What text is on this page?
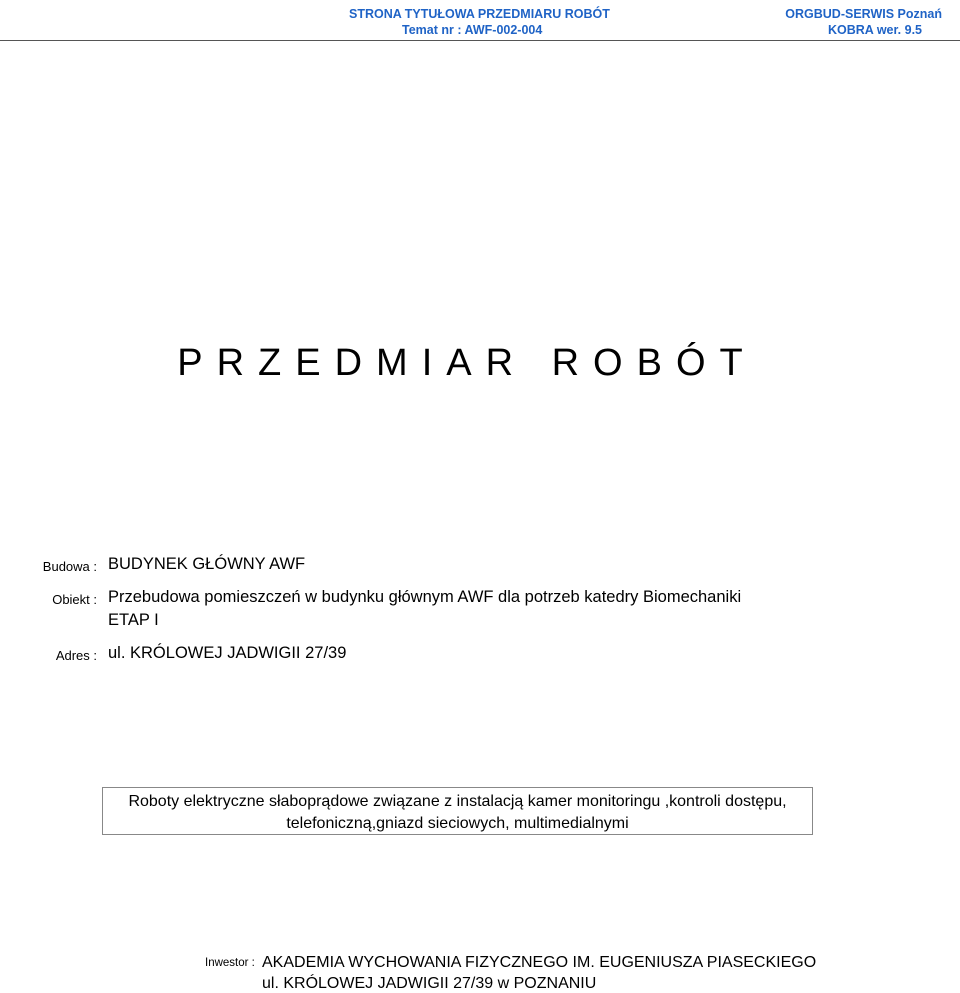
STRONA TYTUŁOWA PRZEDMIARU ROBÓT
Temat nr : AWF-002-004
ORGBUD-SERWIS Poznań
KOBRA wer. 9.5
PRZEDMIAR ROBÓT
Budowa : BUDYNEK GŁÓWNY AWF
Obiekt : Przebudowa pomieszczeń w budynku głównym AWF dla potrzeb katedry Biomechaniki
ETAP I
Adres : ul. KRÓLOWEJ JADWIGII 27/39
Roboty elektryczne słaboprądowe związane z instalacją kamer monitoringu ,kontroli dostępu,
telefoniczną,gniazd sieciowych, multimedialnymi
Inwestor : AKADEMIA WYCHOWANIA FIZYCZNEGO IM. EUGENIUSZA PIASECKIEGO
ul. KRÓLOWEJ JADWIGII 27/39 w POZNANIU
